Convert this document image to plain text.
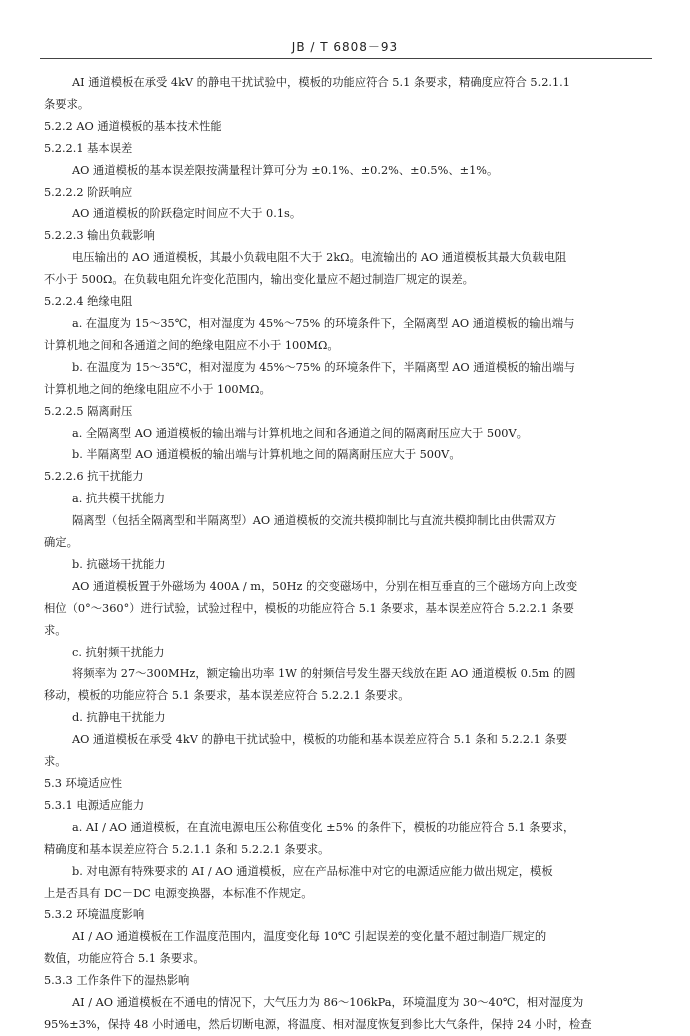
JB / T 6808－93

AI 通道模板在承受 4kV 的静电干扰试验中，模板的功能应符合 5.1 条要求，精确度应符合 5.2.1.1

条要求。

5.2.2 AO 通道模板的基本技术性能

5.2.2.1 基本误差

AO 通道模板的基本误差限按满量程计算可分为 ±0.1%、±0.2%、±0.5%、±1%。

5.2.2.2 阶跃响应

AO 通道模板的阶跃稳定时间应不大于 0.1s。

5.2.2.3 输出负载影响

电压输出的 AO 通道模板，其最小负载电阻不大于 2kΩ。电流输出的 AO 通道模板其最大负载电阻

不小于 500Ω。在负载电阻允许变化范围内，输出变化量应不超过制造厂规定的误差。

5.2.2.4 绝缘电阻

a. 在温度为 15～35℃，相对湿度为 45%～75% 的环境条件下，全隔离型 AO 通道模板的输出端与

计算机地之间和各通道之间的绝缘电阻应不小于 100MΩ。

b. 在温度为 15～35℃，相对湿度为 45%～75% 的环境条件下，半隔离型 AO 通道模板的输出端与

计算机地之间的绝缘电阻应不小于 100MΩ。

5.2.2.5 隔离耐压

a. 全隔离型 AO 通道模板的输出端与计算机地之间和各通道之间的隔离耐压应大于 500V。

b. 半隔离型 AO 通道模板的输出端与计算机地之间的隔离耐压应大于 500V。

5.2.2.6 抗干扰能力

a. 抗共模干扰能力

隔离型（包括全隔离型和半隔离型）AO 通道模板的交流共模抑制比与直流共模抑制比由供需双方

确定。

b. 抗磁场干扰能力

AO 通道模板置于外磁场为 400A / m，50Hz 的交变磁场中，分别在相互垂直的三个磁场方向上改变

相位（0°～360°）进行试验，试验过程中，模板的功能应符合 5.1 条要求，基本误差应符合 5.2.2.1 条要

求。

c. 抗射频干扰能力

将频率为 27～300MHz，额定输出功率 1W 的射频信号发生器天线放在距 AO 通道模板 0.5m 的圆

移动，模板的功能应符合 5.1 条要求，基本误差应符合 5.2.2.1 条要求。

d. 抗静电干扰能力

AO 通道模板在承受 4kV 的静电干扰试验中，模板的功能和基本误差应符合 5.1 条和 5.2.2.1 条要

求。

5.3 环境适应性

5.3.1 电源适应能力

a. AI / AO 通道模板，在直流电源电压公称值变化 ±5% 的条件下，模板的功能应符合 5.1 条要求，

精确度和基本误差应符合 5.2.1.1 条和 5.2.2.1 条要求。

b. 对电源有特殊要求的 AI / AO 通道模板，应在产品标准中对它的电源适应能力做出规定，模板

上是否具有 DC－DC 电源变换器，本标准不作规定。

5.3.2 环境温度影响

AI / AO 通道模板在工作温度范围内，温度变化每 10℃ 引起误差的变化量不超过制造厂规定的

数值，功能应符合 5.1 条要求。

5.3.3 工作条件下的湿热影响

AI / AO 通道模板在不通电的情况下，大气压力为 86～106kPa，环境温度为 30～40℃，相对湿度为

95%±3%，保持 48 小时通电，然后切断电源，将温度、相对湿度恢复到参比大气条件，保持 24 小时，检查
